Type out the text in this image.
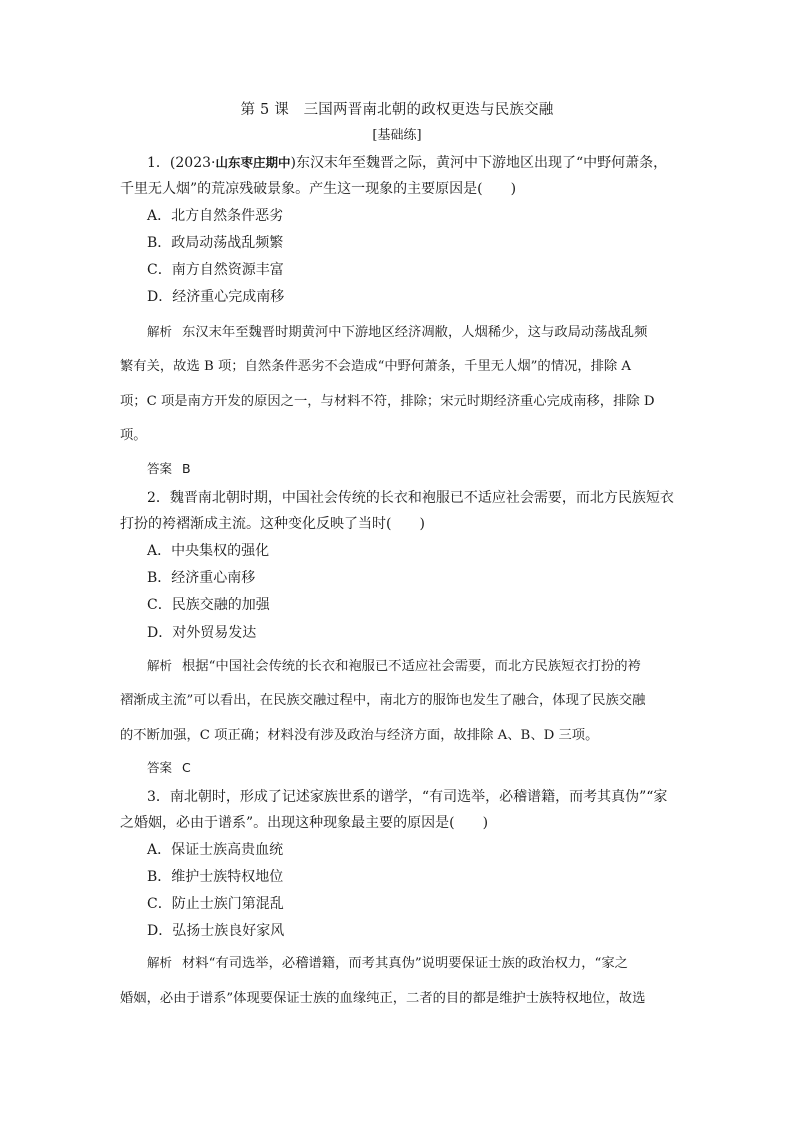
第 5 课　三国两晋南北朝的政权更迭与民族交融
[基础练]
1．(2023·山东枣庄期中)东汉末年至魏晋之际，黄河中下游地区出现了“中野何萧条，
千里无人烟”的荒凉残破景象。产生这一现象的主要原因是(　　)
A．北方自然条件恶劣
B．政局动荡战乱频繁
C．南方自然资源丰富
D．经济重心完成南移
解析 东汉末年至魏晋时期黄河中下游地区经济凋敝，人烟稀少，这与政局动荡战乱频
繁有关，故选 B 项；自然条件恶劣不会造成“中野何萧条，千里无人烟”的情况，排除 A
项；C 项是南方开发的原因之一，与材料不符，排除；宋元时期经济重心完成南移，排除 D
项。
答案 B
2．魏晋南北朝时期，中国社会传统的长衣和袍服已不适应社会需要，而北方民族短衣
打扮的袴褶渐成主流。这种变化反映了当时(　　)
A．中央集权的强化
B．经济重心南移
C．民族交融的加强
D．对外贸易发达
解析 根据“中国社会传统的长衣和袍服已不适应社会需要，而北方民族短衣打扮的袴
褶渐成主流”可以看出，在民族交融过程中，南北方的服饰也发生了融合，体现了民族交融
的不断加强，C 项正确；材料没有涉及政治与经济方面，故排除 A、B、D 三项。
答案 C
3．南北朝时，形成了记述家族世系的谱学，“有司选举，必稽谱籍，而考其真伪”“家
之婚姻，必由于谱系”。出现这种现象最主要的原因是(　　)
A．保证士族高贵血统
B．维护士族特权地位
C．防止士族门第混乱
D．弘扬士族良好家风
解析 材料“有司选举，必稽谱籍，而考其真伪”说明要保证士族的政治权力，“家之
婚姻，必由于谱系”体现要保证士族的血缘纯正，二者的目的都是维护士族特权地位，故选
